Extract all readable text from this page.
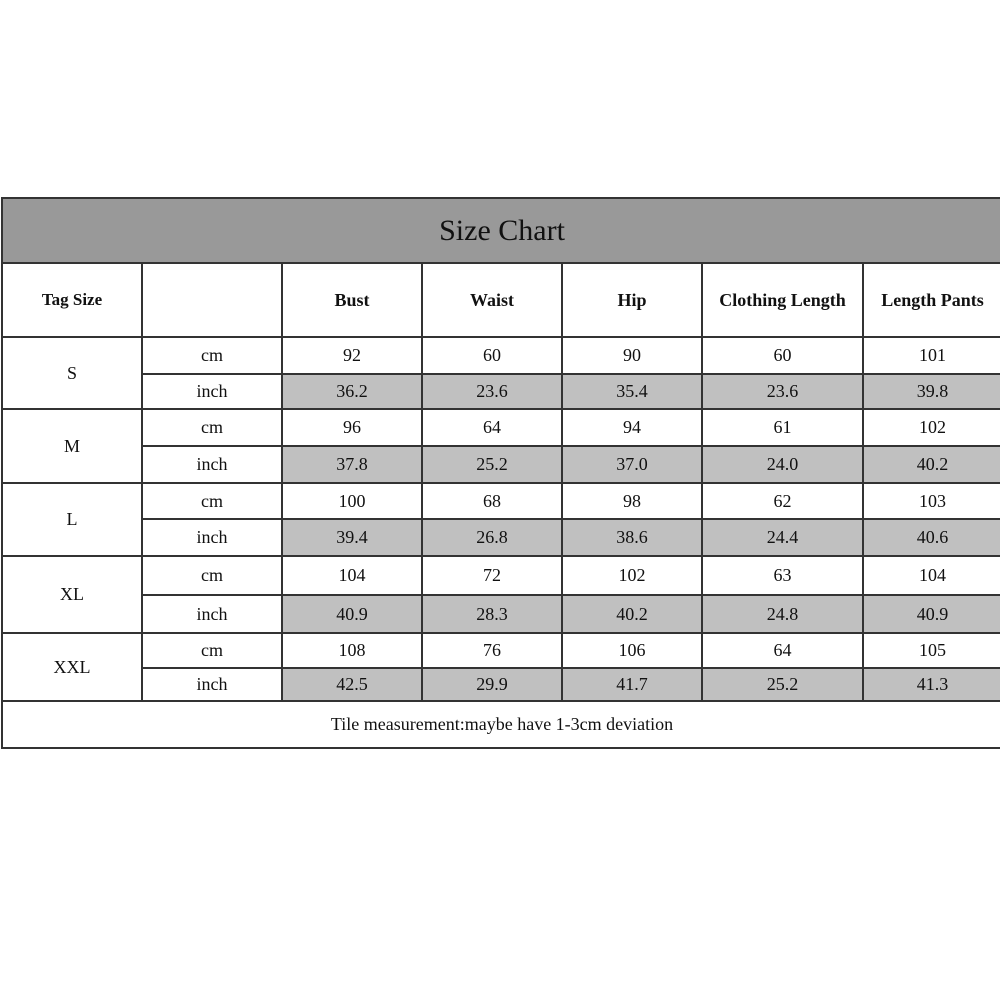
Size Chart						
Tag Size		Bust	Waist	Hip	Clothing Length	Length Pants
S	cm	92	60	90	60	101
	inch	36.2	23.6	35.4	23.6	39.8
M	cm	96	64	94	61	102
	inch	37.8	25.2	37.0	24.0	40.2
L	cm	100	68	98	62	103
	inch	39.4	26.8	38.6	24.4	40.6
XL	cm	104	72	102	63	104
	inch	40.9	28.3	40.2	24.8	40.9
XXL	cm	108	76	106	64	105
	inch	42.5	29.9	41.7	25.2	41.3
Tile measurement:maybe have 1-3cm deviation						
